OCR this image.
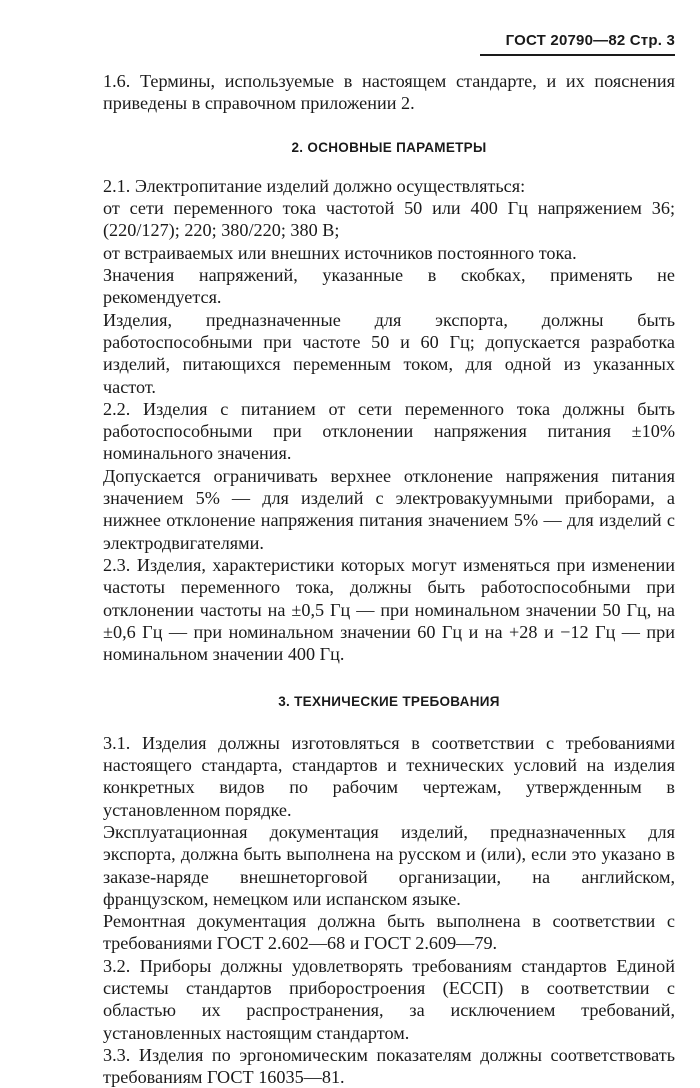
ГОСТ 20790—82 Стр. 3

1.6. Термины, используемые в настоящем стандарте, и их пояснения приведены в справочном приложении 2.

2. ОСНОВНЫЕ ПАРАМЕТРЫ

2.1. Электропитание изделий должно осуществляться:

от сети переменного тока частотой 50 или 400 Гц напряжением 36; (220/127); 220; 380/220; 380 В;

от встраиваемых или внешних источников постоянного тока.

Значения напряжений, указанные в скобках, применять не рекомендуется.

Изделия, предназначенные для экспорта, должны быть работоспособными при частоте 50 и 60 Гц; допускается разработка изделий, питающихся переменным током, для одной из указанных частот.

2.2. Изделия с питанием от сети переменного тока должны быть работоспособными при отклонении напряжения питания ±10% номинального значения.

Допускается ограничивать верхнее отклонение напряжения питания значением 5% — для изделий с электровакуумными приборами, а нижнее отклонение напряжения питания значением 5% — для изделий с электродвигателями.

2.3. Изделия, характеристики которых могут изменяться при изменении частоты переменного тока, должны быть работоспособными при отклонении частоты на ±0,5 Гц — при номинальном значении 50 Гц, на ±0,6 Гц — при номинальном значении 60 Гц и на +28 и −12 Гц — при номинальном значении 400 Гц.

3. ТЕХНИЧЕСКИЕ ТРЕБОВАНИЯ

3.1. Изделия должны изготовляться в соответствии с требованиями настоящего стандарта, стандартов и технических условий на изделия конкретных видов по рабочим чертежам, утвержденным в установленном порядке.

Эксплуатационная документация изделий, предназначенных для экспорта, должна быть выполнена на русском и (или), если это указано в заказе-наряде внешнеторговой организации, на английском, французском, немецком или испанском языке.

Ремонтная документация должна быть выполнена в соответствии с требованиями ГОСТ 2.602—68 и ГОСТ 2.609—79.

3.2. Приборы должны удовлетворять требованиям стандартов Единой системы стандартов приборостроения (ЕССП) в соответствии с областью их распространения, за исключением требований, установленных настоящим стандартом.

3.3. Изделия по эргономическим показателям должны соответствовать требованиям ГОСТ 16035—81.
